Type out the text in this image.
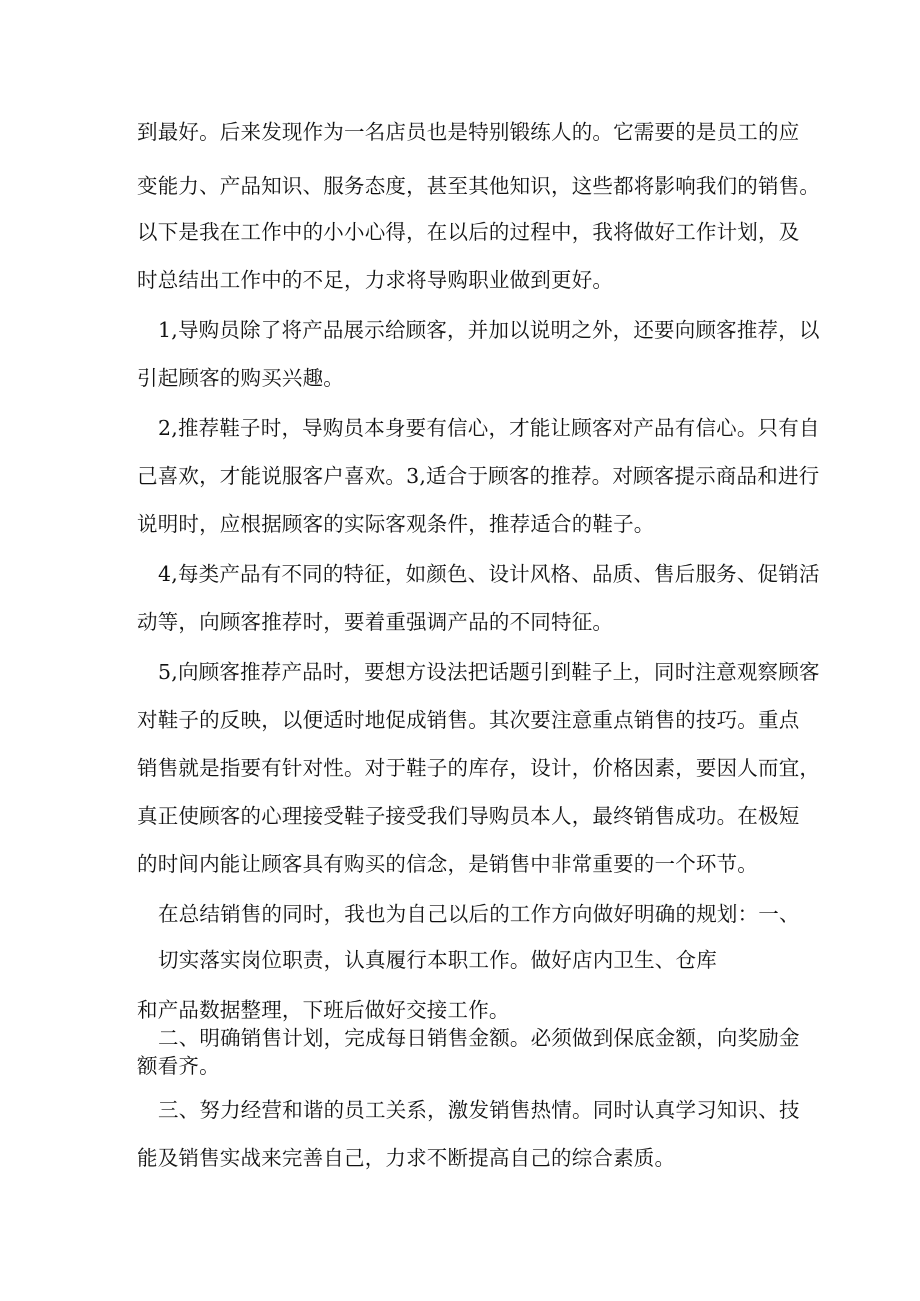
到最好。后来发现作为一名店员也是特别锻练人的。它需要的是员工的应
变能力、产品知识、服务态度，甚至其他知识，这些都将影响我们的销售。
以下是我在工作中的小小心得，在以后的过程中，我将做好工作计划，及
时总结出工作中的不足，力求将导购职业做到更好。
1,导购员除了将产品展示给顾客，并加以说明之外，还要向顾客推荐，以
引起顾客的购买兴趣。
2,推荐鞋子时，导购员本身要有信心，才能让顾客对产品有信心。只有自
己喜欢，才能说服客户喜欢。3,适合于顾客的推荐。对顾客提示商品和进行
说明时，应根据顾客的实际客观条件，推荐适合的鞋子。
4,每类产品有不同的特征，如颜色、设计风格、品质、售后服务、促销活
动等，向顾客推荐时，要着重强调产品的不同特征。
5,向顾客推荐产品时，要想方设法把话题引到鞋子上，同时注意观察顾客
对鞋子的反映，以便适时地促成销售。其次要注意重点销售的技巧。重点
销售就是指要有针对性。对于鞋子的库存，设计，价格因素，要因人而宜，
真正使顾客的心理接受鞋子接受我们导购员本人，最终销售成功。在极短
的时间内能让顾客具有购买的信念，是销售中非常重要的一个环节。
在总结销售的同时，我也为自己以后的工作方向做好明确的规划：一、
切实落实岗位职责，认真履行本职工作。做好店内卫生、仓库
和产品数据整理，下班后做好交接工作。
二、明确销售计划，完成每日销售金额。必须做到保底金额，向奖励金
额看齐。
三、努力经营和谐的员工关系，激发销售热情。同时认真学习知识、技
能及销售实战来完善自己，力求不断提高自己的综合素质。
